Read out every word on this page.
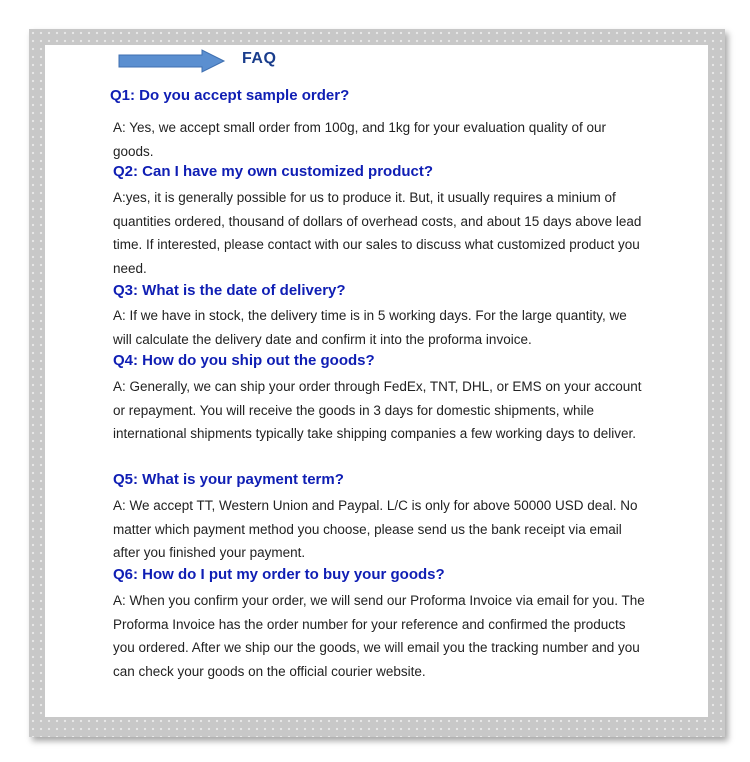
FAQ
Q1: Do you accept sample order?
A: Yes, we accept small order from 100g, and 1kg for your evaluation quality of our goods.
Q2: Can I have my own customized product?
A:yes, it is generally possible for us to produce it. But, it usually requires a minium of quantities ordered, thousand of dollars of overhead costs, and about 15 days above lead time. If interested, please contact with our sales to discuss what customized product you need.
Q3: What is the date of delivery?
A: If we have in stock, the delivery time is in 5 working days. For the large quantity, we will calculate the delivery date and confirm it into the proforma invoice.
Q4: How do you ship out the goods?
A: Generally, we can ship your order through FedEx, TNT, DHL, or EMS on your account or repayment. You will receive the goods in 3 days for domestic shipments, while international shipments typically take shipping companies a few working days to deliver.
Q5: What is your payment term?
A: We accept TT, Western Union and Paypal. L/C is only for above 50000 USD deal. No matter which payment method you choose, please send us the bank receipt via email after you finished your payment.
Q6: How do I put my order to buy your goods?
A: When you confirm your order, we will send our Proforma Invoice via email for you. The Proforma Invoice has the order number for your reference and confirmed the products you ordered. After we ship our the goods, we will email you the tracking number and you can check your goods on the official courier website.
